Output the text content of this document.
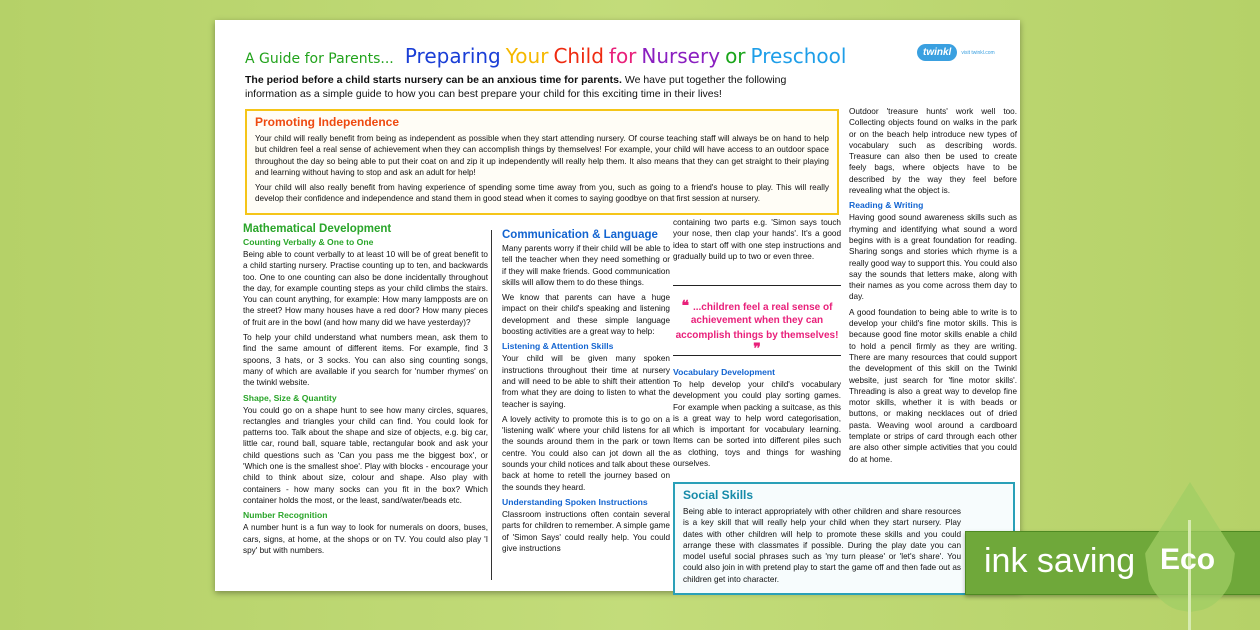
A Guide for Parents... Preparing Your Child for Nursery or Preschool	twinkl	visit twinkl.com
The period before a child starts nursery can be an anxious time for parents. We have put together the following information as a simple guide to how you can best prepare your child for this exciting time in their lives!
Promoting Independence

Your child will really benefit from being as independent as possible when they start attending nursery. Of course teaching staff will always be on hand to help but children feel a real sense of achievement when they can accomplish things by themselves! For example, your child will have access to an outdoor space throughout the day so being able to put their coat on and zip it up independently will really help them. It also means that they can get straight to their playing and learning without having to stop and ask an adult for help!

Your child will also really benefit from having experience of spending some time away from you, such as going to a friend's house to play. This will really develop their confidence and independence and stand them in good stead when it comes to saying goodbye on that first session at nursery.

Mathematical Development
Counting Verbally & One to One

Being able to count verbally to at least 10 will be of great benefit to a child starting nursery. Practise counting up to ten, and backwards too. One to one counting can also be done incidentally throughout the day, for example counting steps as your child climbs the stairs. You can count anything, for example: How many lampposts are on the street? How many houses have a red door? How many pieces of fruit are in the bowl (and how many did we have yesterday)?

To help your child understand what numbers mean, ask them to find the same amount of different items. For example, find 3 spoons, 3 hats, or 3 socks. You can also sing counting songs, many of which are available if you search for 'number rhymes' on the twinkl website.

Shape, Size & Quantity

You could go on a shape hunt to see how many circles, squares, rectangles and triangles your child can find. You could look for patterns too. Talk about the shape and size of objects, e.g. big car, little car, round ball, square table, rectangular book and ask your child questions such as 'Can you pass me the biggest box', or 'Which one is the smallest shoe'. Play with blocks - encourage your child to think about size, colour and shape. Also play with containers - how many socks can you fit in the box? Which container holds the most, or the least, sand/water/beads etc.

Number Recognition

A number hunt is a fun way to look for numerals on doors, buses, cars, signs, at home, at the shops or on TV. You could also play 'I spy' but with numbers.

Communication & Language

Many parents worry if their child will be able to tell the teacher when they need something or if they will make friends. Good communication skills will allow them to do these things.

We know that parents can have a huge impact on their child's speaking and listening development and these simple language boosting activities are a great way to help:

Listening & Attention Skills

Your child will be given many spoken instructions throughout their time at nursery and will need to be able to shift their attention from what they are doing to listen to what the teacher is saying.

A lovely activity to promote this is to go on a 'listening walk' where your child listens for all the sounds around them in the park or town centre. You could also can jot down all the sounds your child notices and talk about these back at home to retell the journey based on the sounds they heard.

Understanding Spoken Instructions

Classroom instructions often contain several parts for children to remember. A simple game of 'Simon Says' could really help. You could give instructions

containing two parts e.g. 'Simon says touch your nose, then clap your hands'. It's a good idea to start off with one step instructions and gradually build up to two or even three.

❝ ...children feel a real sense of achievement when they can accomplish things by themselves! ❞
Vocabulary Development

To help develop your child's vocabulary development you could play sorting games. For example when packing a suitcase, as this is a great way to help word categorisation, which is important for vocabulary learning. Items can be sorted into different piles such as clothing, toys and things for washing ourselves.

Outdoor 'treasure hunts' work well too. Collecting objects found on walks in the park or on the beach help introduce new types of vocabulary such as describing words. Treasure can also then be used to create feely bags, where objects have to be described by the way they feel before revealing what the object is.

Reading & Writing

Having good sound awareness skills such as rhyming and identifying what sound a word begins with is a great foundation for reading. Sharing songs and stories which rhyme is a really good way to support this. You could also say the sounds that letters make, along with their names as you come across them day to day.

A good foundation to being able to write is to develop your child's fine motor skills. This is because good fine motor skills enable a child to hold a pencil firmly as they are writing. There are many resources that could support the development of this skill on the Twinkl website, just search for 'fine motor skills'. Threading is also a great way to develop fine motor skills, whether it is with beads or buttons, or making necklaces out of dried pasta. Weaving wool around a cardboard template or strips of card through each other are also other simple activities that you could do at home.

Social Skills

Being able to interact appropriately with other children and share resources is a key skill that will really help your child when they start nursery. Play dates with other children will help to promote these skills and you could arrange these with classmates if possible. During the play date you can model useful social phrases such as 'my turn please' or 'let's share'. You could also join in with pretend play to start the game off and then fade out as children get into character.	ink saving Eco
